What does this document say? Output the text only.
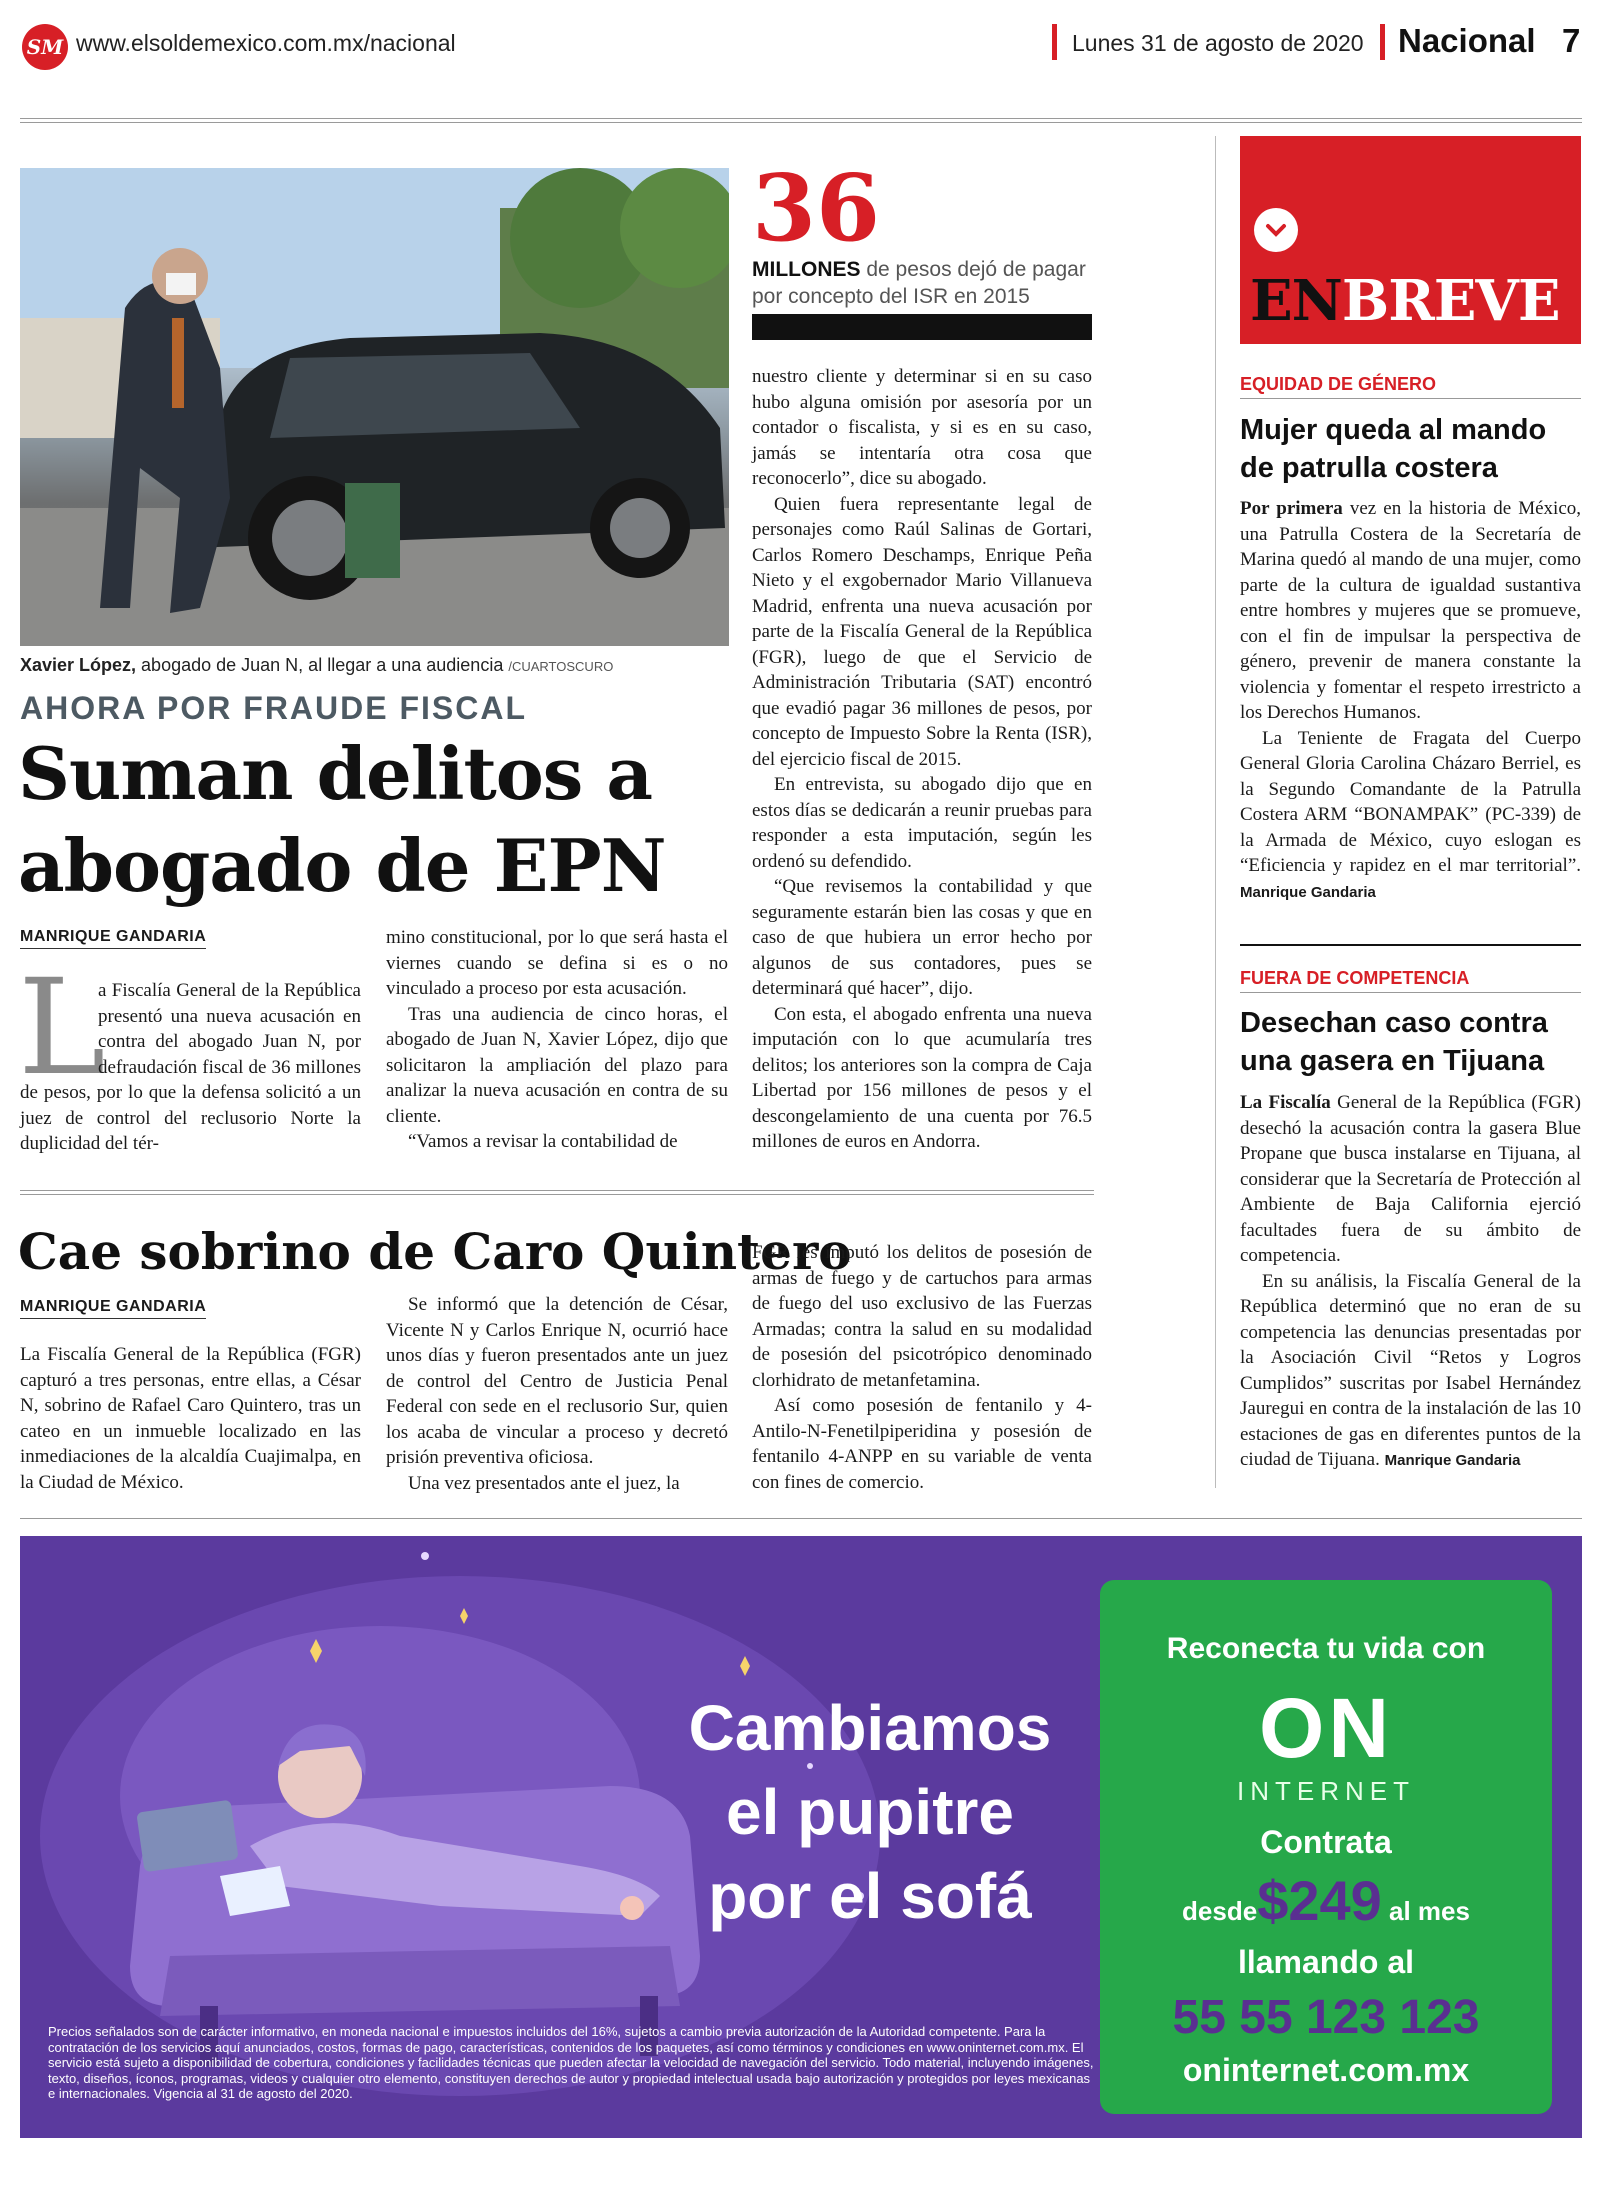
SM www.elsoldemexico.com.mx/nacional	Lunes 31 de agosto de 2020 Nacional 7
Xavier López, abogado de Juan N, al llegar a una audiencia /CUARTOSCURO
AHORA POR FRAUDE FISCAL
Suman delitos a
abogado de EPN
MANRIQUE GANDARIA
L
a Fiscalía General de la República presentó una nueva acusación en contra del abogado Juan N, por defraudación fiscal de 36 millones de pesos, por lo que la defensa solicitó a un juez de control del reclusorio Norte la duplicidad del tér-

mino constitucional, por lo que será hasta el viernes cuando se defina si es o no vinculado a proceso por esta acusación.

Tras una audiencia de cinco horas, el abogado de Juan N, Xavier López, dijo que solicitaron la ampliación del plazo para analizar la nueva acusación en contra de su cliente.

“Vamos a revisar la contabilidad de

36
MILLONES de pesos dejó de pagar por concepto del ISR en 2015

nuestro cliente y determinar si en su caso hubo alguna omisión por asesoría por un contador o fiscalista, y si es en su caso, jamás se intentaría otra cosa que reconocerlo”, dice su abogado.

Quien fuera representante legal de personajes como Raúl Salinas de Gortari, Carlos Romero Deschamps, Enrique Peña Nieto y el exgobernador Mario Villanueva Madrid, enfrenta una nueva acusación por parte de la Fiscalía General de la República (FGR), luego de que el Servicio de Administración Tributaria (SAT) encontró que evadió pagar 36 millones de pesos, por concepto de Impuesto Sobre la Renta (ISR), del ejercicio fiscal de 2015.

En entrevista, su abogado dijo que en estos días se dedicarán a reunir pruebas para responder a esta imputación, según les ordenó su defendido.

“Que revisemos la contabilidad y que seguramente estarán bien las cosas y que en caso de que hubiera un error hecho por algunos de sus contadores, pues se determinará qué hacer”, dijo.

Con esta, el abogado enfrenta una nueva imputación con lo que acumularía tres delitos; los anteriores son la compra de Caja Libertad por 156 millones de pesos y el descongelamiento de una cuenta por 76.5 millones de euros en Andorra.

Cae sobrino de Caro Quintero
MANRIQUE GANDARIA

La Fiscalía General de la República (FGR) capturó a tres personas, entre ellas, a César N, sobrino de Rafael Caro Quintero, tras un cateo en un inmueble localizado en las inmediaciones de la alcaldía Cuajimalpa, en la Ciudad de México.

Se informó que la detención de César, Vicente N y Carlos Enrique N, ocurrió hace unos días y fueron presentados ante un juez de control del Centro de Justicia Penal Federal con sede en el reclusorio Sur, quien los acaba de vincular a proceso y decretó prisión preventiva oficiosa.

Una vez presentados ante el juez, la

FGR les imputó los delitos de posesión de armas de fuego y de cartuchos para armas de fuego del uso exclusivo de las Fuerzas Armadas; contra la salud en su modalidad de posesión del psicotrópico denominado clorhidrato de metanfetamina.

Así como posesión de fentanilo y 4-Antilo-N-Fenetilpiperidina y posesión de fentanilo 4-ANPP en su variable de venta con fines de comercio.

ENBREVE
EQUIDAD DE GÉNERO
Mujer queda al mando de patrulla costera

Por primera vez en la historia de México, una Patrulla Costera de la Secretaría de Marina quedó al mando de una mujer, como parte de la cultura de igualdad sustantiva entre hombres y mujeres que se promueve, con el fin de impulsar la perspectiva de género, prevenir de manera constante la violencia y fomentar el respeto irrestricto a los Derechos Humanos.

La Teniente de Fragata del Cuerpo General Gloria Carolina Cházaro Berriel, es la Segundo Comandante de la Patrulla Costera ARM “BONAMPAK” (PC-339) de la Armada de México, cuyo eslogan es “Eficiencia y rapidez en el mar territorial”. Manrique Gandaria

FUERA DE COMPETENCIA
Desechan caso contra una gasera en Tijuana

La Fiscalía General de la República (FGR) desechó la acusación contra la gasera Blue Propane que busca instalarse en Tijuana, al considerar que la Secretaría de Protección al Ambiente de Baja California ejerció facultades fuera de su ámbito de competencia.

En su análisis, la Fiscalía General de la República determinó que no eran de su competencia las denuncias presentadas por la Asociación Civil “Retos y Logros Cumplidos” suscritas por Isabel Hernández Jauregui en contra de la instalación de las 10 estaciones de gas en diferentes puntos de la ciudad de Tijuana. Manrique Gandaria

Cambiamos
el pupitre
por el sofá
Precios señalados son de carácter informativo, en moneda nacional e impuestos incluidos del 16%, sujetos a cambio previa autorización de la Autoridad competente. Para la contratación de los servicios aquí anunciados, costos, formas de pago, características, contenidos de los paquetes, así como términos y condiciones en www.oninternet.com.mx. El servicio está sujeto a disponibilidad de cobertura, condiciones y facilidades técnicas que pueden afectar la velocidad de navegación del servicio. Todo material, incluyendo imágenes, texto, diseños, íconos, programas, videos y cualquier otro elemento, constituyen derechos de autor y propiedad intelectual usada bajo autorización y protegidos por leyes mexicanas e internacionales. Vigencia al 31 de agosto del 2020.
Reconecta tu vida con
ON
INTERNET
Contrata
desde$249 al mes
llamando al
55 55 123 123
oninternet.com.mx
